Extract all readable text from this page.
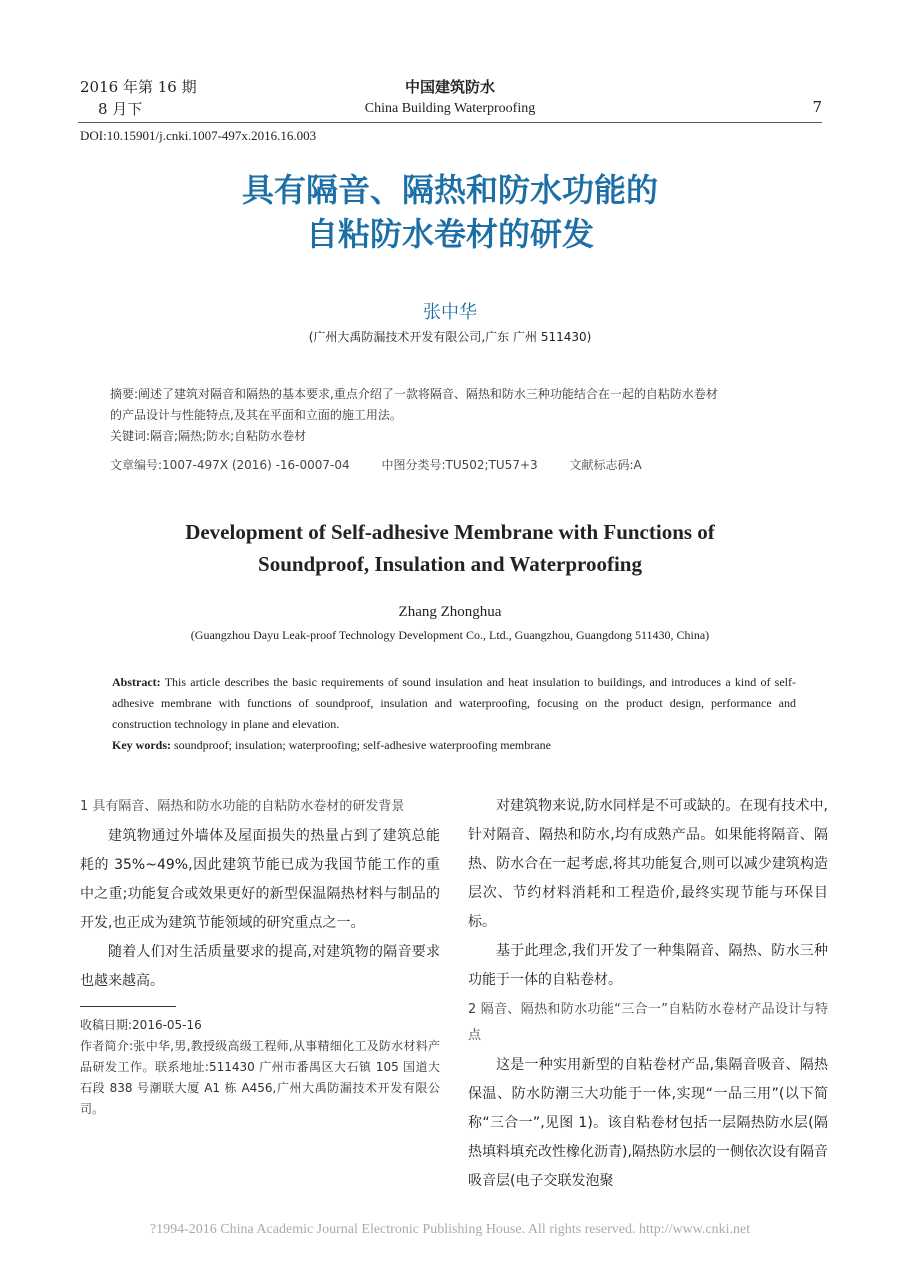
2016 年第 16 期
8 月下
中国建筑防水
China Building Waterproofing	7
DOI:10.15901/j.cnki.1007-497x.2016.16.003
具有隔音、隔热和防水功能的
自粘防水卷材的研发
张中华
(广州大禹防漏技术开发有限公司,广东 广州 511430)

摘要:阐述了建筑对隔音和隔热的基本要求,重点介绍了一款将隔音、隔热和防水三种功能结合在一起的自粘防水卷材

的产品设计与性能特点,及其在平面和立面的施工用法。

关键词:隔音;隔热;防水;自粘防水卷材

文章编号:1007-497X (2016) -16-0007-04	中图分类号:TU502;TU57+3	文献标志码:A
Development of Self-adhesive Membrane with Functions of
Soundproof, Insulation and Waterproofing
Zhang Zhonghua
(Guangzhou Dayu Leak-proof Technology Development Co., Ltd., Guangzhou, Guangdong 511430, China)

Abstract: This article describes the basic requirements of sound insulation and heat insulation to buildings, and introduces a kind of self-adhesive membrane with functions of soundproof, insulation and waterproofing, focusing on the product design, performance and construction technology in plane and elevation.

Key words: soundproof; insulation; waterproofing; self-adhesive waterproofing membrane

1 具有隔音、隔热和防水功能的自粘防水卷材的研发背景

建筑物通过外墙体及屋面损失的热量占到了建筑总能耗的 35%~49%,因此建筑节能已成为我国节能工作的重中之重;功能复合或效果更好的新型保温隔热材料与制品的开发,也正成为建筑节能领域的研究重点之一。

随着人们对生活质量要求的提高,对建筑物的隔音要求也越来越高。

收稿日期:2016-05-16

作者简介:张中华,男,教授级高级工程师,从事精细化工及防水材料产品研发工作。联系地址:511430 广州市番禺区大石镇 105 国道大石段 838 号潮联大厦 A1 栋 A456,广州大禹防漏技术开发有限公司。

对建筑物来说,防水同样是不可或缺的。在现有技术中,针对隔音、隔热和防水,均有成熟产品。如果能将隔音、隔热、防水合在一起考虑,将其功能复合,则可以减少建筑构造层次、节约材料消耗和工程造价,最终实现节能与环保目标。

基于此理念,我们开发了一种集隔音、隔热、防水三种功能于一体的自粘卷材。

2 隔音、隔热和防水功能“三合一”自粘防水卷材产品设计与特点

这是一种实用新型的自粘卷材产品,集隔音吸音、隔热保温、防水防潮三大功能于一体,实现“一品三用”(以下简称“三合一”,见图 1)。该自粘卷材包括一层隔热防水层(隔热填料填充改性橡化沥青),隔热防水层的一侧依次设有隔音吸音层(电子交联发泡聚

?1994-2016 China Academic Journal Electronic Publishing House. All rights reserved. http://www.cnki.net
